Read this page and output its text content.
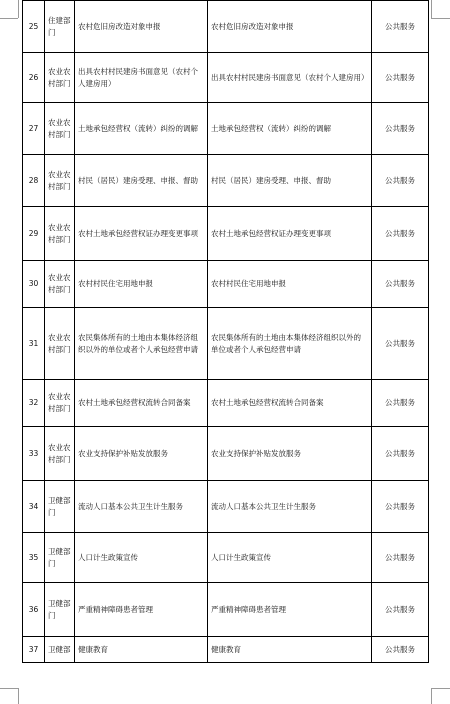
25	住建部门	农村危旧房改造对象申报	农村危旧房改造对象申报	公共服务
26	农业农村部门	出具农村村民建房书面意见（农村个人建房用）	出具农村村民建房书面意见（农村个人建房用）	公共服务
27	农业农村部门	土地承包经营权（流转）纠纷的调解	土地承包经营权（流转）纠纷的调解	公共服务
28	农业农村部门	村民（居民）建房受理、申报、督助	村民（居民）建房受理、申报、督助	公共服务
29	农业农村部门	农村土地承包经营权证办理变更事项	农村土地承包经营权证办理变更事项	公共服务
30	农业农村部门	农村村民住宅用地申报	农村村民住宅用地申报	公共服务
31	农业农村部门	农民集体所有的土地由本集体经济组织以外的单位或者个人承包经营申请	农民集体所有的土地由本集体经济组织以外的单位或者个人承包经营申请	公共服务
32	农业农村部门	农村土地承包经营权流转合同备案	农村土地承包经营权流转合同备案	公共服务
33	农业农村部门	农业支持保护补贴发放服务	农业支持保护补贴发放服务	公共服务
34	卫健部门	流动人口基本公共卫生计生服务	流动人口基本公共卫生计生服务	公共服务
35	卫健部门	人口计生政策宣传	人口计生政策宣传	公共服务
36	卫健部门	严重精神障碍患者管理	严重精神障碍患者管理	公共服务
37	卫健部	健康教育	健康教育	公共服务
